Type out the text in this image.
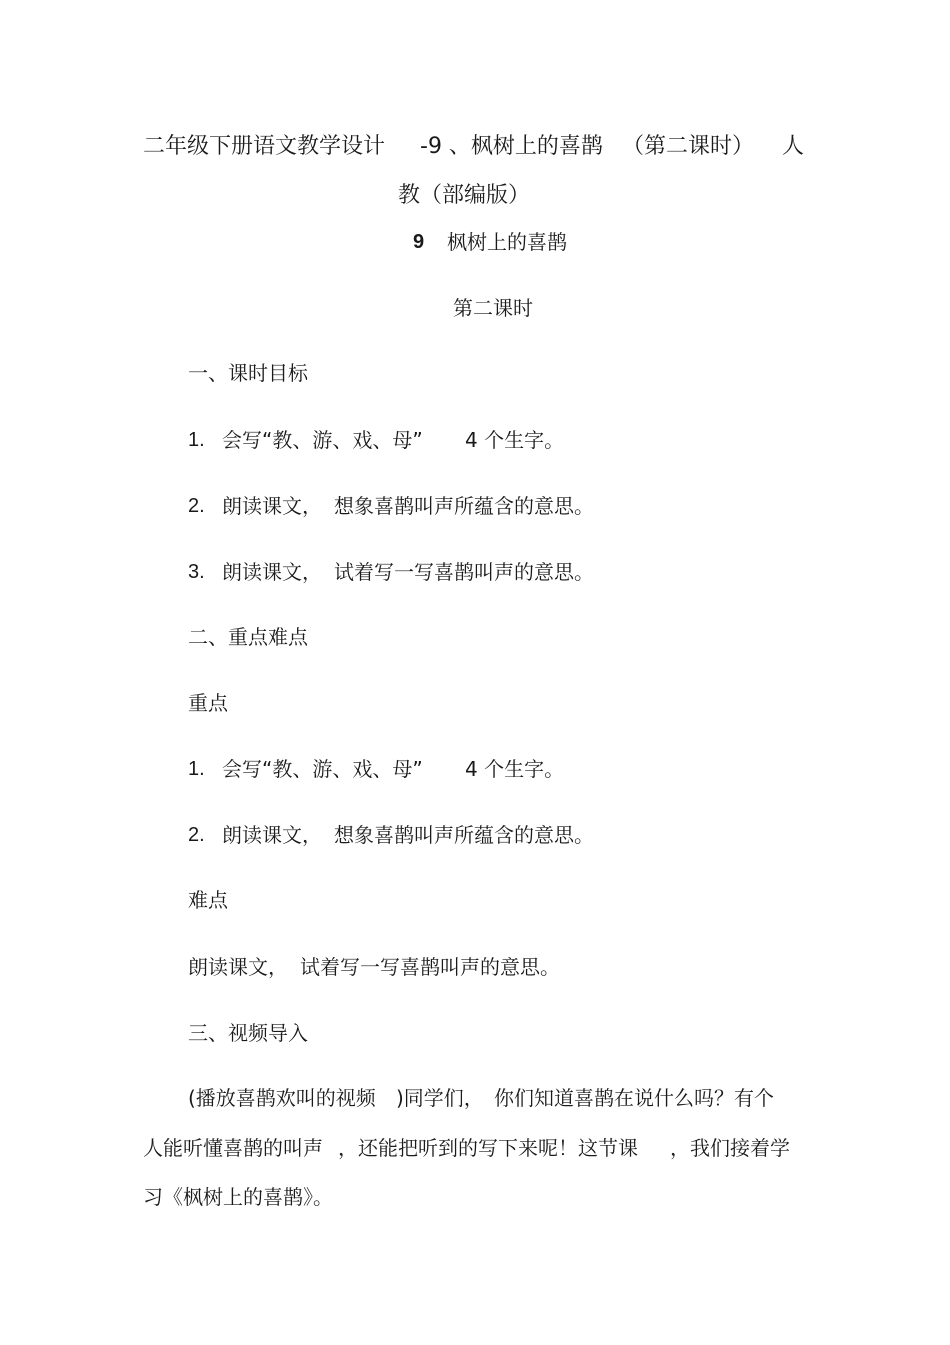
二年级下册语文教学设计 -9 、枫树上的喜鹊 （第二课时） 人
教（部编版）
9 枫树上的喜鹊
第二课时
一、课时目标
1. 会写“教、游、戏、母” 4 个生字。
2. 朗读课文， 想象喜鹊叫声所蕴含的意思。
3. 朗读课文， 试着写一写喜鹊叫声的意思。
二、重点难点
重点
1. 会写“教、游、戏、母” 4 个生字。
2. 朗读课文， 想象喜鹊叫声所蕴含的意思。
难点
朗读课文， 试着写一写喜鹊叫声的意思。
三、视频导入
(播放喜鹊欢叫的视频 )同学们， 你们知道喜鹊在说什么吗？有个
人能听懂喜鹊的叫声 ，还能把听到的写下来呢！这节课 ，我们接着学
习《枫树上的喜鹊》。
